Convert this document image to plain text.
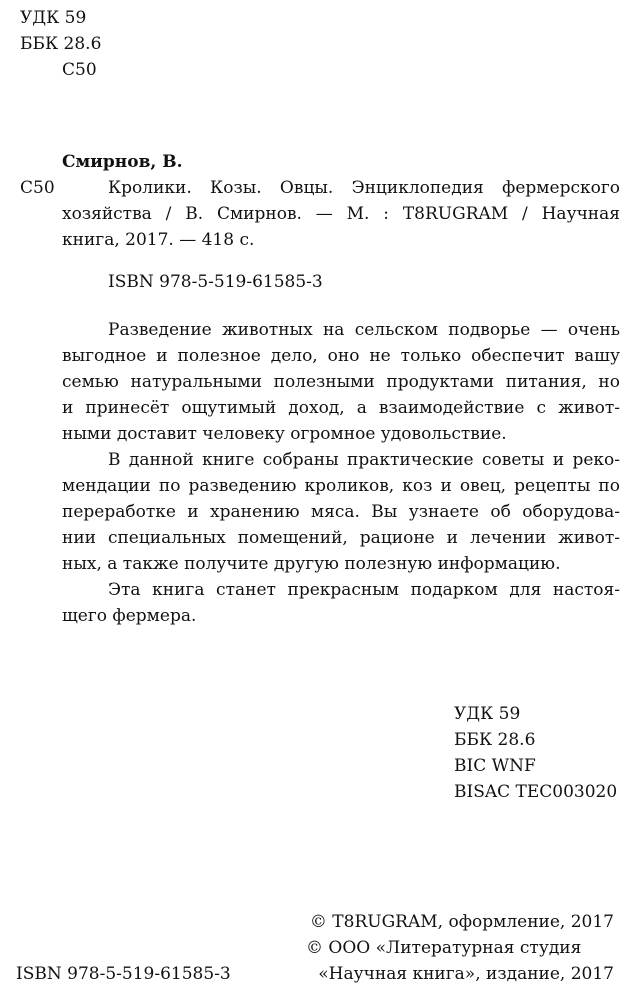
УДК 59
ББК 28.6
С50
Смирнов, В.
С50	Кролики. Козы. Овцы. Энциклопедия фермерского
хозяйства / В. Смирнов. — М. : T8RUGRAM / Научная
книга, 2017. — 418 с.
ISBN 978-5-519-61585-3
Разведение животных на сельском подворье — очень
выгодное и полезное дело, оно не только обеспечит вашу
семью натуральными полезными продуктами питания, но
и принесёт ощутимый доход, а взаимодействие с живот-
ными доставит человеку огромное удовольствие.
В данной книге собраны практические советы и реко-
мендации по разведению кроликов, коз и овец, рецепты по
переработке и хранению мяса. Вы узнаете об оборудова-
нии специальных помещений, рационе и лечении живот-
ных, а также получите другую полезную информацию.
Эта книга станет прекрасным подарком для настоя-
щего фермера.
УДК 59
ББК 28.6
BIC WNF
BISAC TEC003020
© T8RUGRAM, оформление, 2017
© ООО «Литературная студия
«Научная книга», издание, 2017
ISBN 978-5-519-61585-3
